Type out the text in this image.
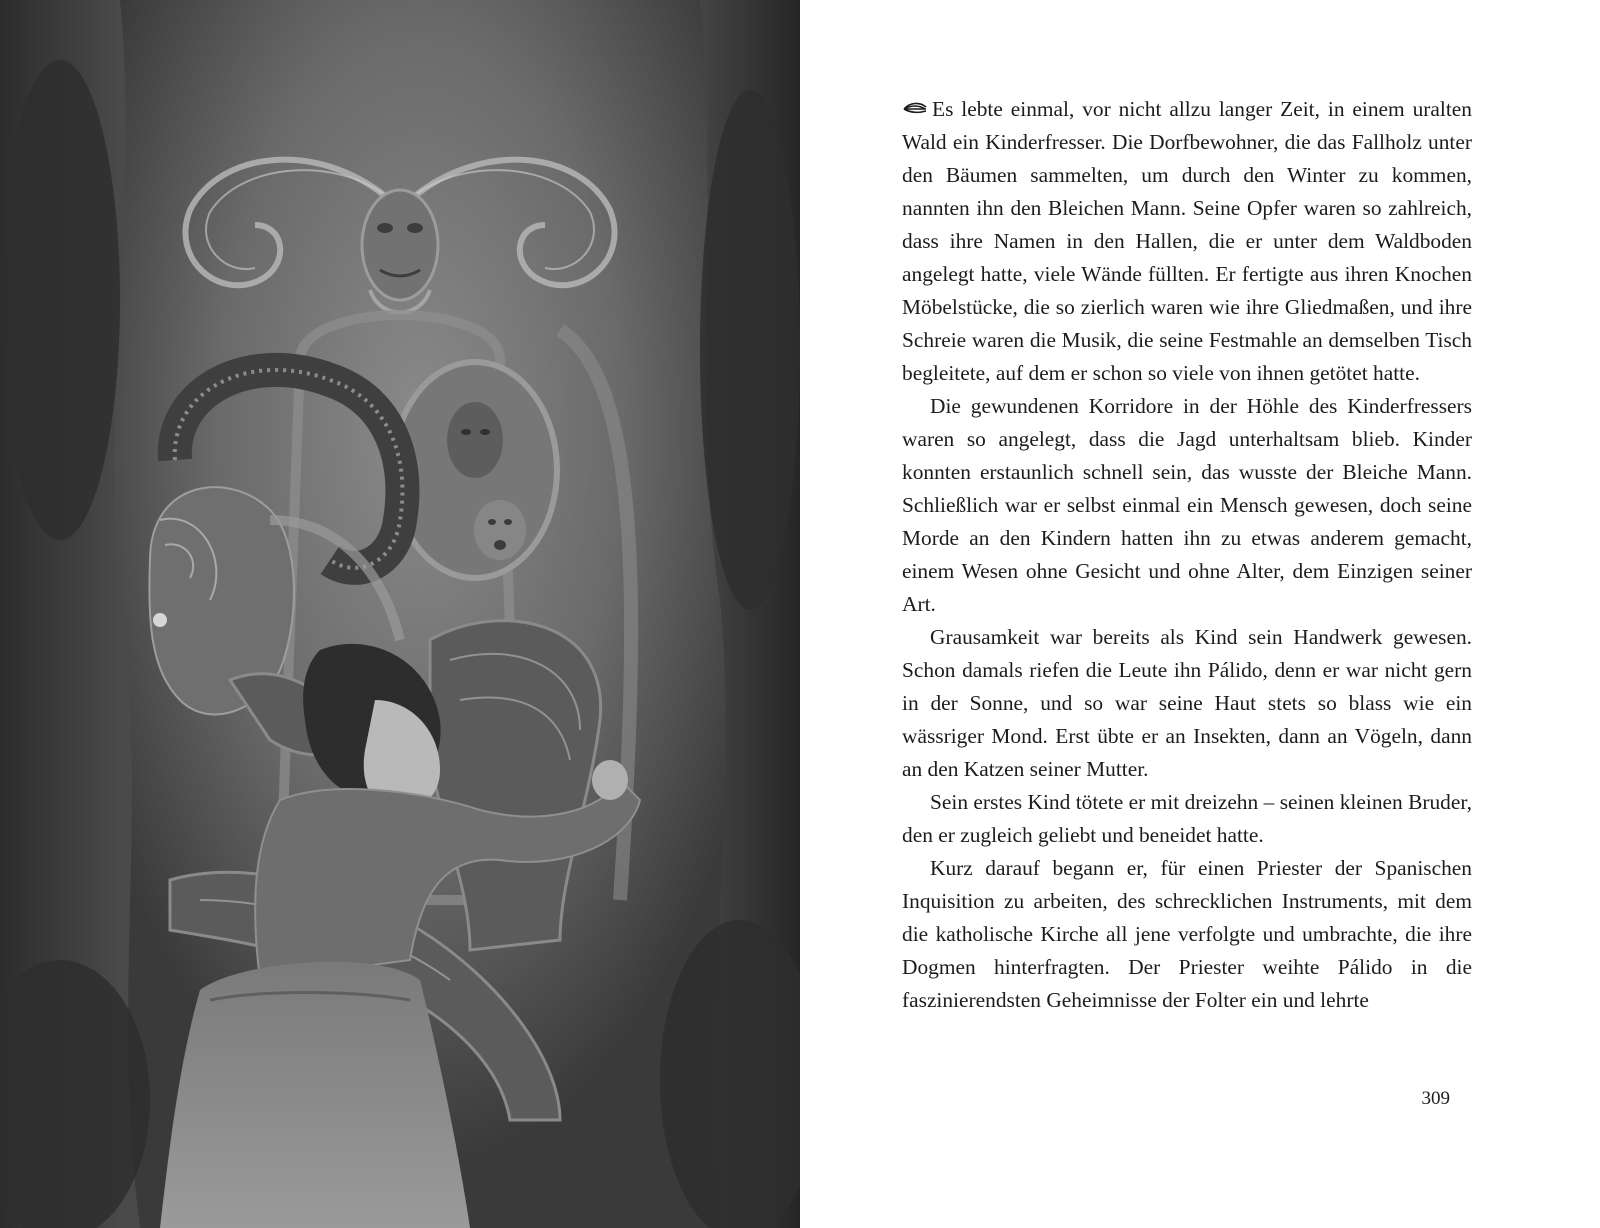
Es lebte einmal, vor nicht allzu langer Zeit, in einem uralten Wald ein Kinderfresser. Die Dorfbewohner, die das Fallholz unter den Bäumen sammelten, um durch den Winter zu kommen, nannten ihn den Bleichen Mann. Seine Opfer waren so zahlreich, dass ihre Namen in den Hallen, die er unter dem Waldboden angelegt hatte, viele Wände füllten. Er fertigte aus ihren Knochen Möbelstücke, die so zierlich waren wie ihre Gliedmaßen, und ihre Schreie waren die Musik, die seine Festmahle an demselben Tisch begleitete, auf dem er schon so viele von ihnen getötet hatte.

Die gewundenen Korridore in der Höhle des Kinderfressers waren so angelegt, dass die Jagd unterhaltsam blieb. Kinder konnten erstaunlich schnell sein, das wusste der Bleiche Mann. Schließlich war er selbst einmal ein Mensch gewesen, doch seine Morde an den Kindern hatten ihn zu etwas anderem gemacht, einem Wesen ohne Gesicht und ohne Alter, dem Einzigen seiner Art.

Grausamkeit war bereits als Kind sein Handwerk gewesen. Schon damals riefen die Leute ihn Pálido, denn er war nicht gern in der Sonne, und so war seine Haut stets so blass wie ein wässriger Mond. Erst übte er an Insekten, dann an Vögeln, dann an den Katzen seiner Mutter.

Sein erstes Kind tötete er mit dreizehn – seinen kleinen Bruder, den er zugleich geliebt und beneidet hatte.

Kurz darauf begann er, für einen Priester der Spanischen Inquisition zu arbeiten, des schrecklichen Instruments, mit dem die katholische Kirche all jene verfolgte und umbrachte, die ihre Dogmen hinterfragten. Der Priester weihte Pálido in die faszinierendsten Geheimnisse der Folter ein und lehrte

309
